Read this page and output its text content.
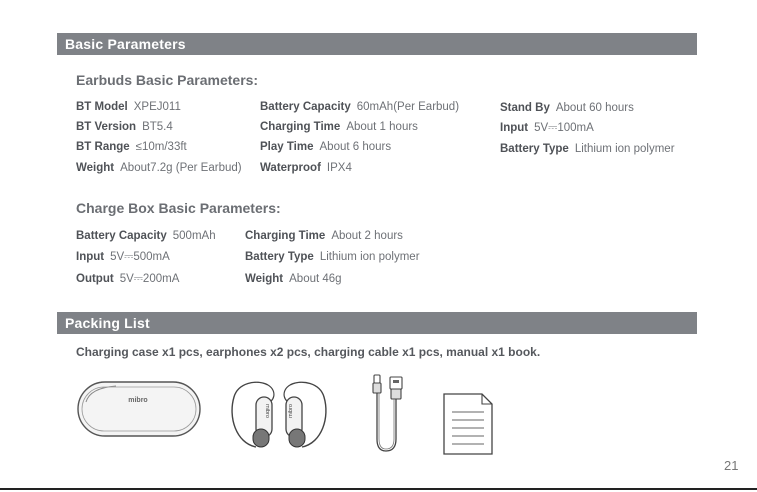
Basic Parameters
Earbuds Basic Parameters:
BT Model XPEJ011
BT Version BT5.4
BT Range ≤10m/33ft
Weight About7.2g (Per Earbud)
Battery Capacity 60mAh(Per Earbud)
Charging Time About 1 hours
Play Time About 6 hours
Waterproof IPX4
Stand By About 60 hours
Input 5V⎓100mA
Battery Type Lithium ion polymer
Charge Box Basic Parameters:
Battery Capacity 500mAh
Input 5V⎓500mA
Output 5V⎓200mA
Charging Time About 2 hours
Battery Type Lithium ion polymer
Weight About 46g
Packing List
Charging case x1 pcs, earphones x2 pcs, charging cable x1 pcs, manual x1 book.
mibro
mibro	mibro
21
